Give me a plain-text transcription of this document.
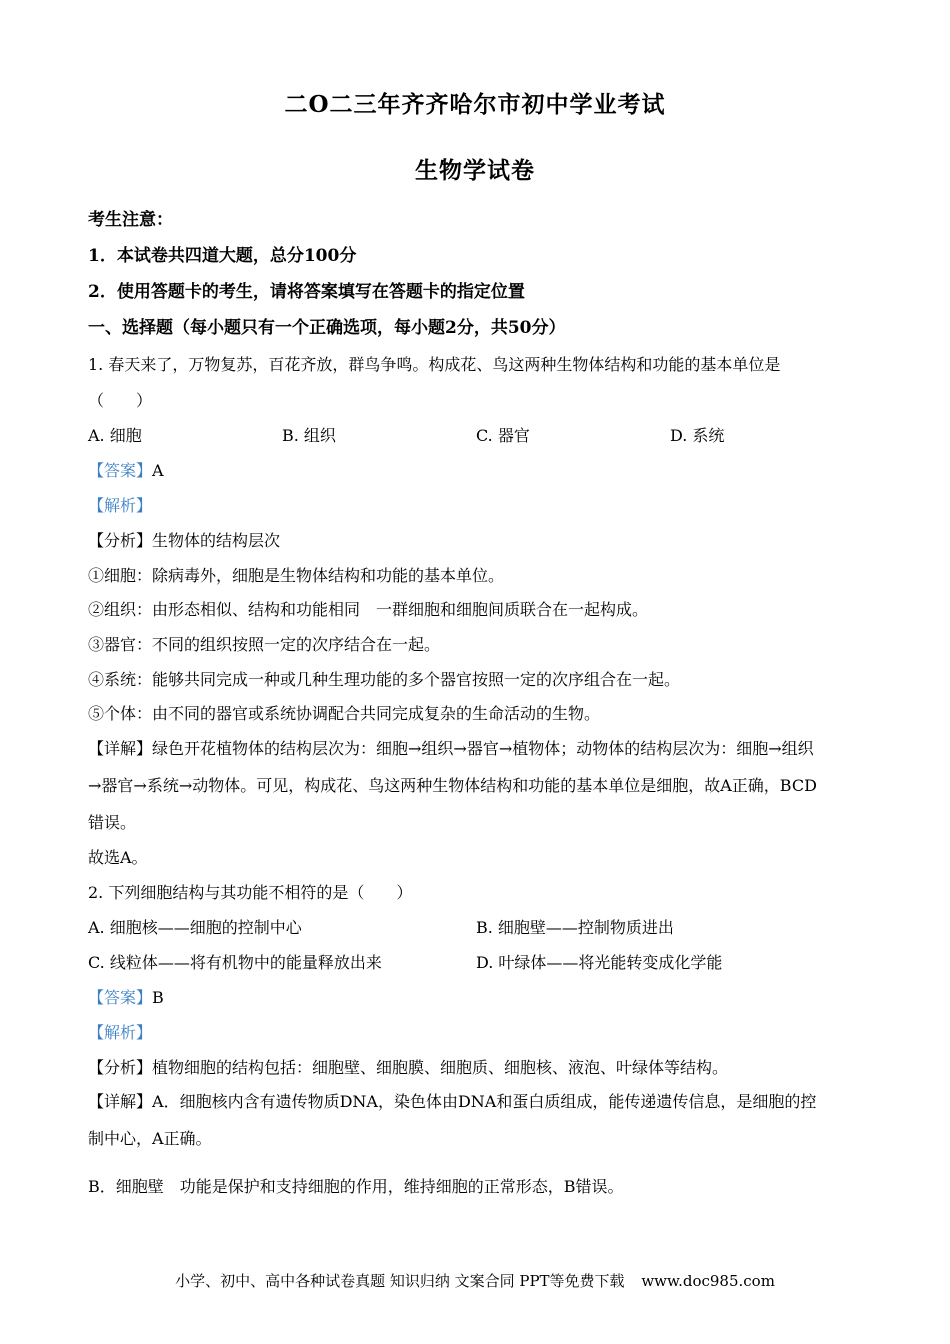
二O二三年齐齐哈尔市初中学业考试
生物学试卷
考生注意：
1．本试卷共四道大题，总分100分
2．使用答题卡的考生，请将答案填写在答题卡的指定位置
一、选择题（每小题只有一个正确选项，每小题2分，共50分）
1. 春天来了，万物复苏，百花齐放，群鸟争鸣。构成花、鸟这两种生物体结构和功能的基本单位是
（　　）
A. 细胞	B. 组织	C. 器官	D. 系统
【答案】A
【解析】
【分析】生物体的结构层次
①细胞：除病毒外，细胞是生物体结构和功能的基本单位。
②组织：由形态相似、结构和功能相同　一群细胞和细胞间质联合在一起构成。
③器官：不同的组织按照一定的次序结合在一起。
④系统：能够共同完成一种或几种生理功能的多个器官按照一定的次序组合在一起。
⑤个体：由不同的器官或系统协调配合共同完成复杂的生命活动的生物。
【详解】绿色开花植物体的结构层次为：细胞→组织→器官→植物体；动物体的结构层次为：细胞→组织
→器官→系统→动物体。可见，构成花、鸟这两种生物体结构和功能的基本单位是细胞，故A正确，BCD
错误。
故选A。
2. 下列细胞结构与其功能不相符的是（　　）
A. 细胞核——细胞的控制中心	B. 细胞壁——控制物质进出
C. 线粒体——将有机物中的能量释放出来	D. 叶绿体——将光能转变成化学能
【答案】B
【解析】
【分析】植物细胞的结构包括：细胞壁、细胞膜、细胞质、细胞核、液泡、叶绿体等结构。
【详解】A．细胞核内含有遗传物质DNA，染色体由DNA和蛋白质组成，能传递遗传信息，是细胞的控
制中心，A正确。
B．细胞壁　功能是保护和支持细胞的作用，维持细胞的正常形态，B错误。
小学、初中、高中各种试卷真题 知识归纳 文案合同 PPT等免费下载 www.doc985.com
